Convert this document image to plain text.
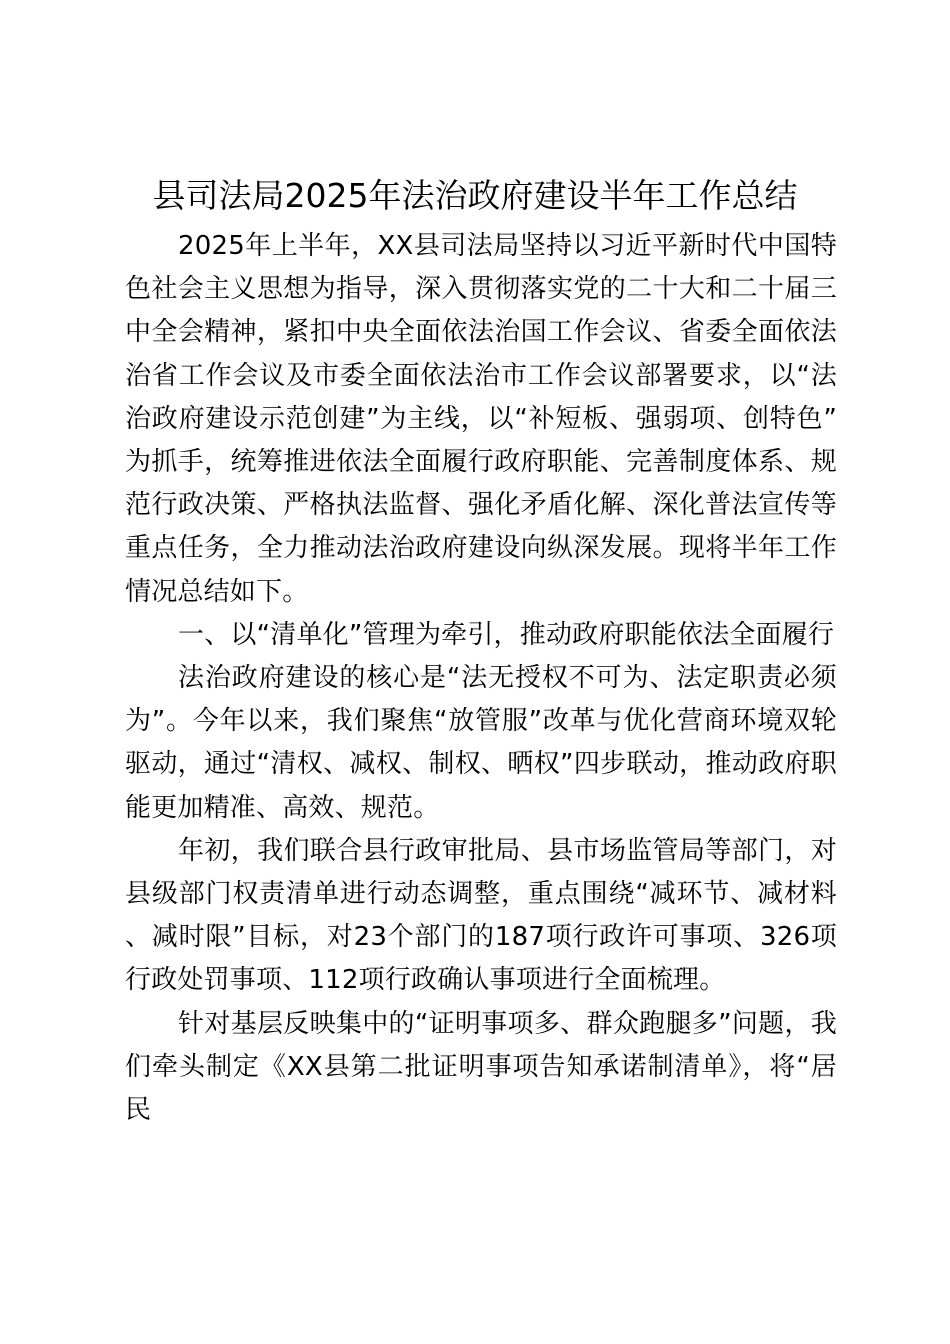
县司法局2025年法治政府建设半年工作总结

2025年上半年，XX县司法局坚持以习近平新时代中国特色社会主义思想为指导，深入贯彻落实党的二十大和二十届三中全会精神，紧扣中央全面依法治国工作会议、省委全面依法治省工作会议及市委全面依法治市工作会议部署要求，以“法治政府建设示范创建”为主线，以“补短板、强弱项、创特色”为抓手，统筹推进依法全面履行政府职能、完善制度体系、规范行政决策、严格执法监督、强化矛盾化解、深化普法宣传等重点任务，全力推动法治政府建设向纵深发展。现将半年工作情况总结如下。

一、以“清单化”管理为牵引，推动政府职能依法全面履行

法治政府建设的核心是“法无授权不可为、法定职责必须为”。今年以来，我们聚焦“放管服”改革与优化营商环境双轮驱动，通过“清权、减权、制权、晒权”四步联动，推动政府职能更加精准、高效、规范。

年初，我们联合县行政审批局、县市场监管局等部门，对县级部门权责清单进行动态调整，重点围绕“减环节、减材料、减时限”目标，对23个部门的187项行政许可事项、326项行政处罚事项、112项行政确认事项进行全面梳理。

针对基层反映集中的“证明事项多、群众跑腿多”问题，我们牵头制定《XX县第二批证明事项告知承诺制清单》，将“居民
